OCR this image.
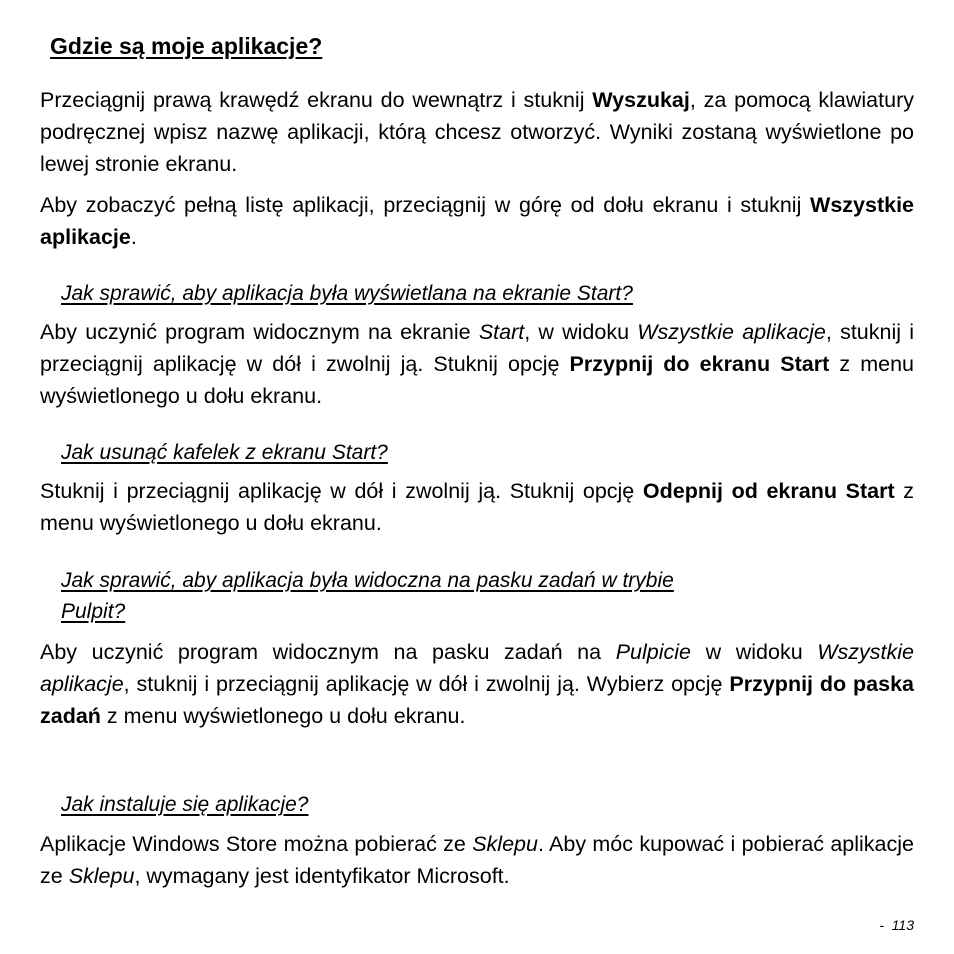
Gdzie są moje aplikacje?

Przeciągnij prawą krawędź ekranu do wewnątrz i stuknij Wyszukaj, za pomocą klawiatury podręcznej wpisz nazwę aplikacji, którą chcesz otworzyć. Wyniki zostaną wyświetlone po lewej stronie ekranu.

Aby zobaczyć pełną listę aplikacji, przeciągnij w górę od dołu ekranu i stuknij Wszystkie aplikacje.

Jak sprawić, aby aplikacja była wyświetlana na ekranie Start?

Aby uczynić program widocznym na ekranie Start, w widoku Wszystkie aplikacje, stuknij i przeciągnij aplikację w dół i zwolnij ją. Stuknij opcję Przypnij do ekranu Start z menu wyświetlonego u dołu ekranu.

Jak usunąć kafelek z ekranu Start?

Stuknij i przeciągnij aplikację w dół i zwolnij ją. Stuknij opcję Odepnij od ekranu Start z menu wyświetlonego u dołu ekranu.

Jak sprawić, aby aplikacja była widoczna na pasku zadań w trybie
Pulpit?

Aby uczynić program widocznym na pasku zadań na Pulpicie w widoku Wszystkie aplikacje, stuknij i przeciągnij aplikację w dół i zwolnij ją. Wybierz opcję Przypnij do paska zadań z menu wyświetlonego u dołu ekranu.

Jak instaluje się aplikacje?

Aplikacje Windows Store można pobierać ze Sklepu. Aby móc kupować i pobierać aplikacje ze Sklepu, wymagany jest identyfikator Microsoft.

- 113
